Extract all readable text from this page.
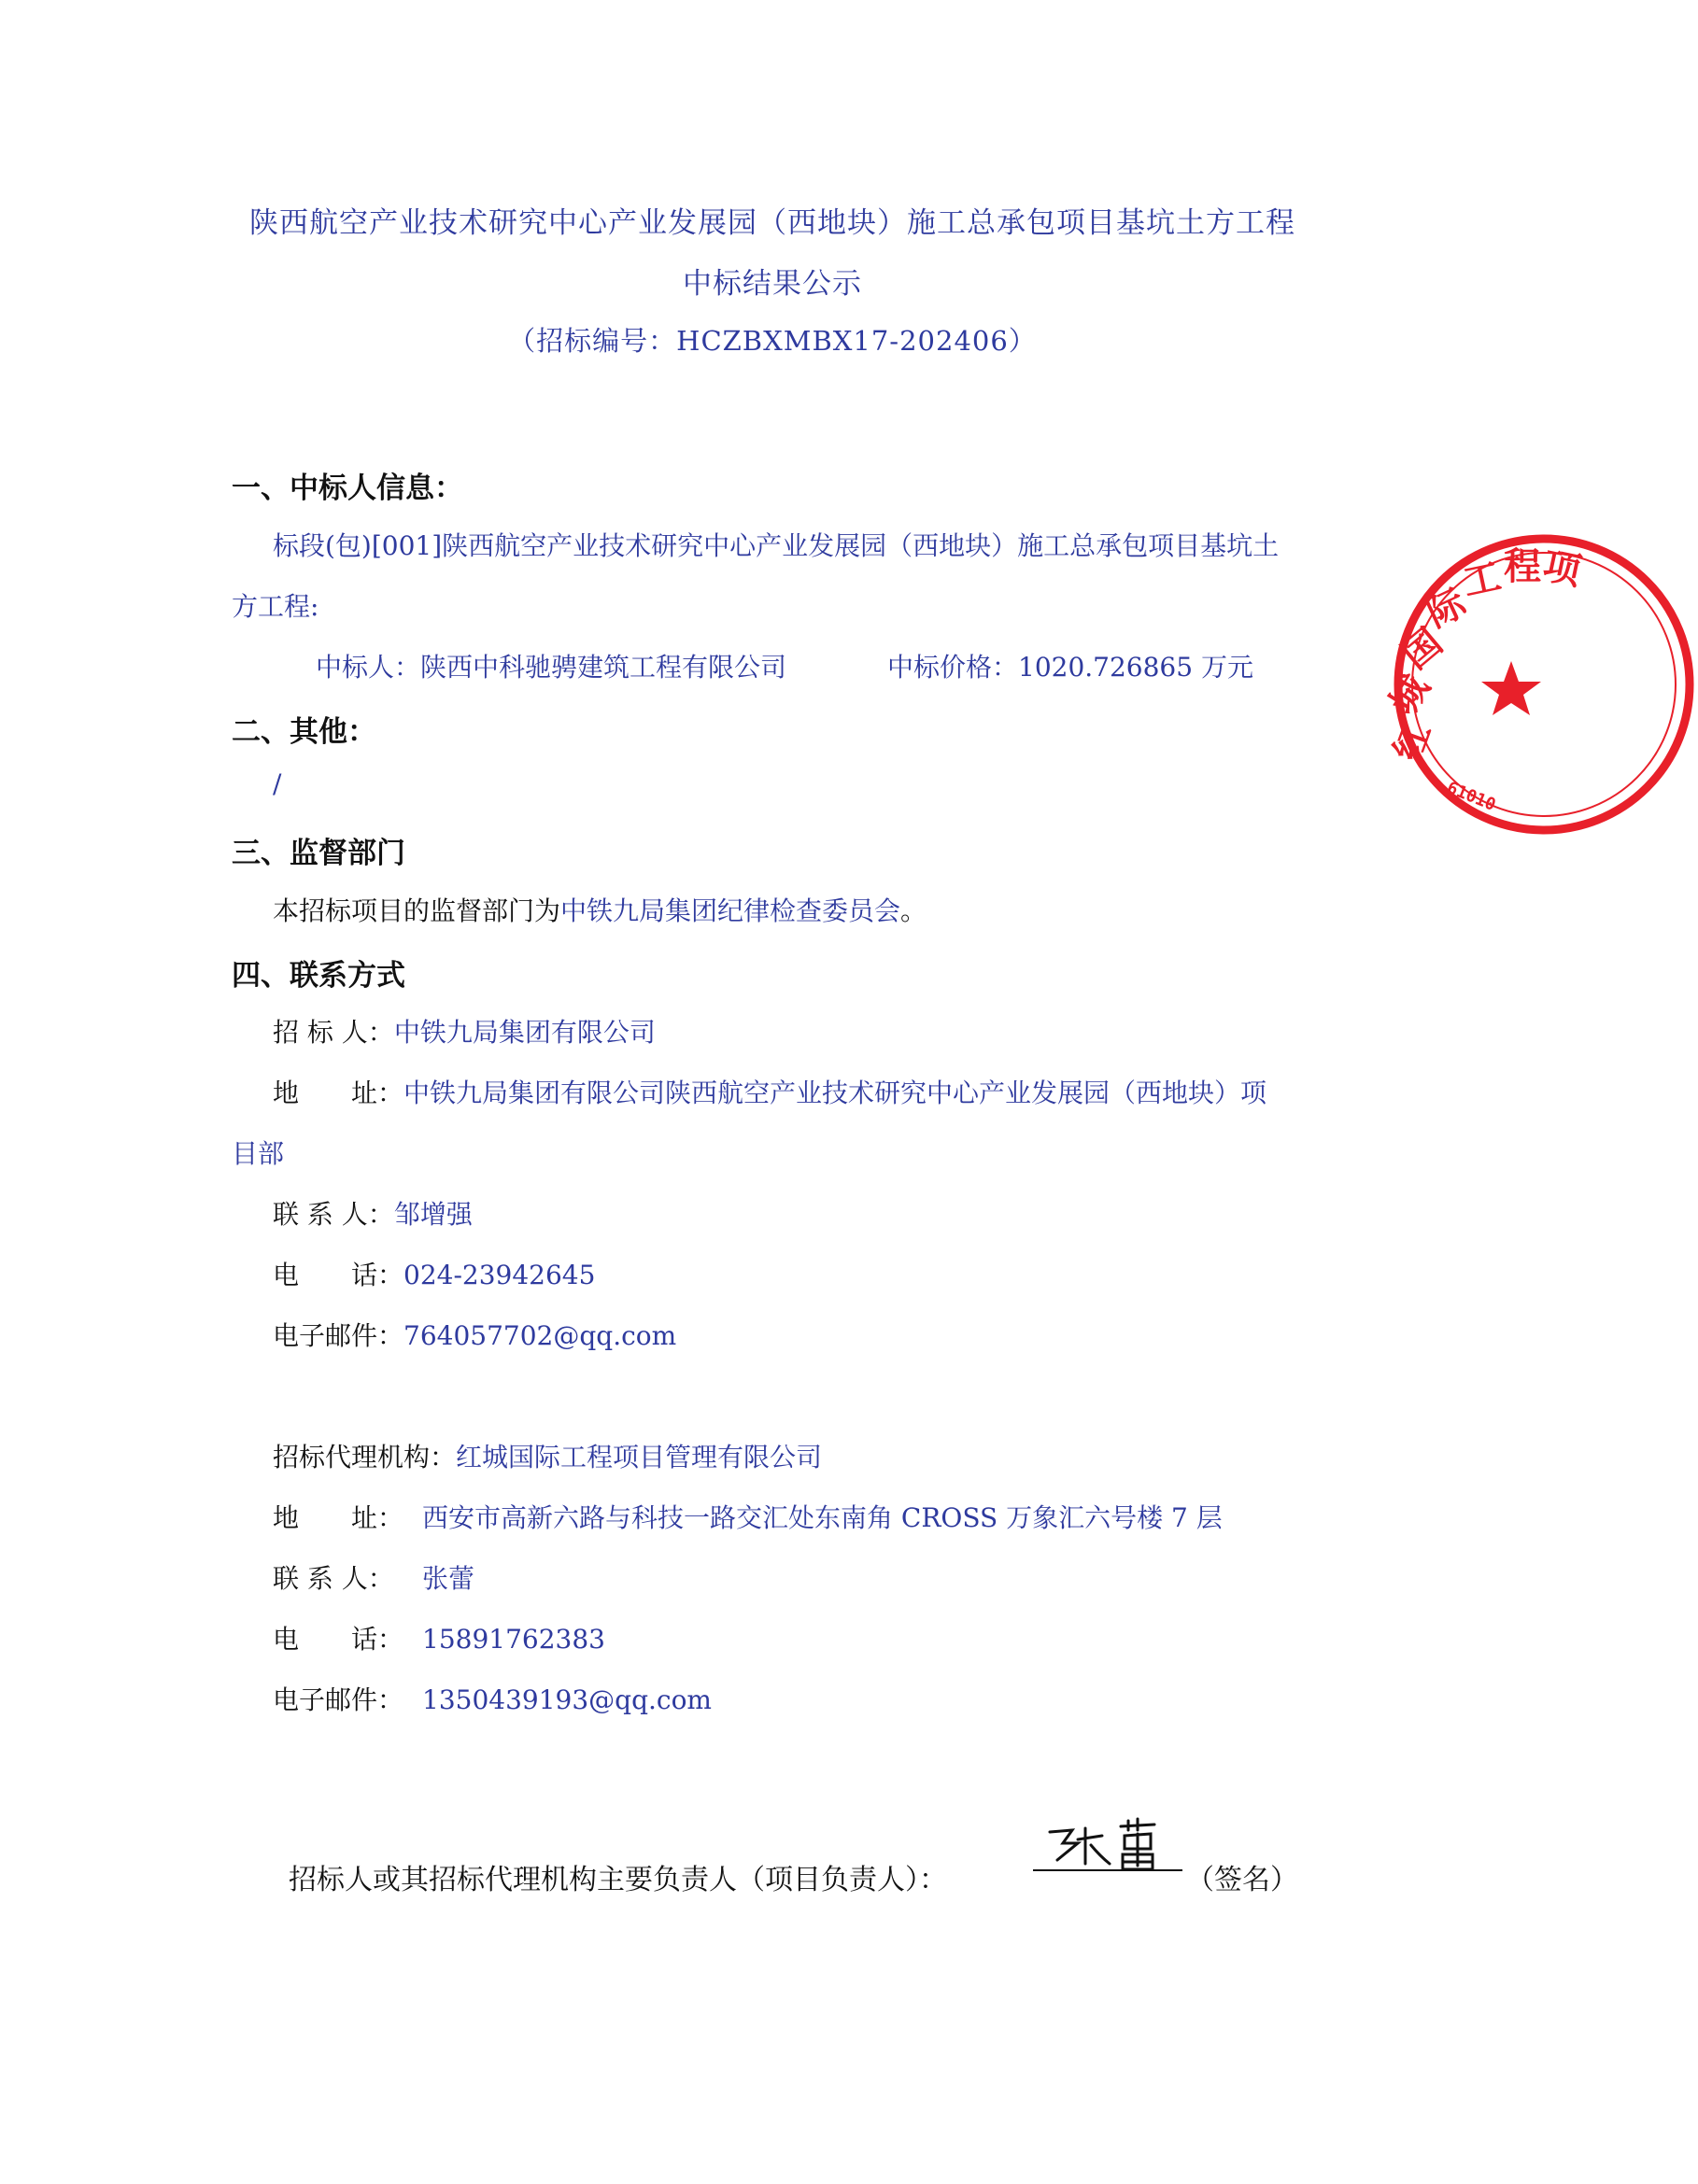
陕西航空产业技术研究中心产业发展园（西地块）施工总承包项目基坑土方工程
中标结果公示
（招标编号：HCZBXMBX17-202406）
一、中标人信息：
标段(包)[001]陕西航空产业技术研究中心产业发展园（西地块）施工总承包项目基坑土
方工程:
中标人：陕西中科驰骋建筑工程有限公司	中标价格：1020.726865 万元
二、其他：
/
三、监督部门
本招标项目的监督部门为中铁九局集团纪律检查委员会。
四、联系方式
招 标 人：中铁九局集团有限公司
地　　址：中铁九局集团有限公司陕西航空产业技术研究中心产业发展园（西地块）项
目部
联 系 人：邹增强
电　　话：024-23942645
电子邮件：764057702@qq.com
招标代理机构：红城国际工程项目管理有限公司
地　　址： 西安市高新六路与科技一路交汇处东南角 CROSS 万象汇六号楼 7 层
联 系 人： 张蕾
电　　话： 15891762383
电子邮件： 1350439193@qq.com
招标人或其招标代理机构主要负责人（项目负责人）：	（签名）
红
城
国
际
工
程
项
61010
